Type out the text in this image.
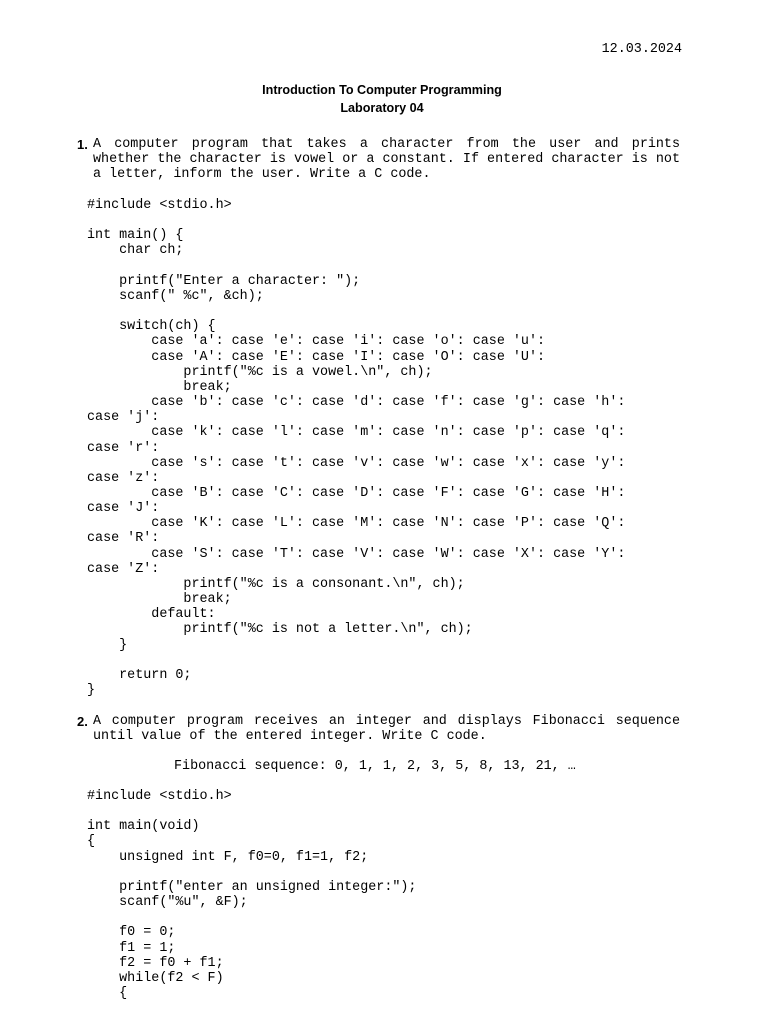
12.03.2024
Introduction To Computer Programming
Laboratory 04
1. A computer program that takes a character from the user and prints whether the character is vowel or a constant. If entered character is not a letter, inform the user. Write a C code.
#include <stdio.h>

int main() {
char ch;

printf("Enter a character: ");
scanf(" %c", &ch);

switch(ch) {
case 'a': case 'e': case 'i': case 'o': case 'u':
case 'A': case 'E': case 'I': case 'O': case 'U':
printf("%c is a vowel.\n", ch);
break;
case 'b': case 'c': case 'd': case 'f': case 'g': case 'h':
case 'j':
case 'k': case 'l': case 'm': case 'n': case 'p': case 'q':
case 'r':
case 's': case 't': case 'v': case 'w': case 'x': case 'y':
case 'z':
case 'B': case 'C': case 'D': case 'F': case 'G': case 'H':
case 'J':
case 'K': case 'L': case 'M': case 'N': case 'P': case 'Q':
case 'R':
case 'S': case 'T': case 'V': case 'W': case 'X': case 'Y':
case 'Z':
printf("%c is a consonant.\n", ch);
break;
default:
printf("%c is not a letter.\n", ch);
}

return 0;
}
2. A computer program receives an integer and displays Fibonacci sequence until value of the entered integer. Write C code.
Fibonacci sequence: 0, 1, 1, 2, 3, 5, 8, 13, 21, …
#include <stdio.h>

int main(void)
{
unsigned int F, f0=0, f1=1, f2;

printf("enter an unsigned integer:");
scanf("%u", &F);

f0 = 0;
f1 = 1;
f2 = f0 + f1;
while(f2 < F)
{
